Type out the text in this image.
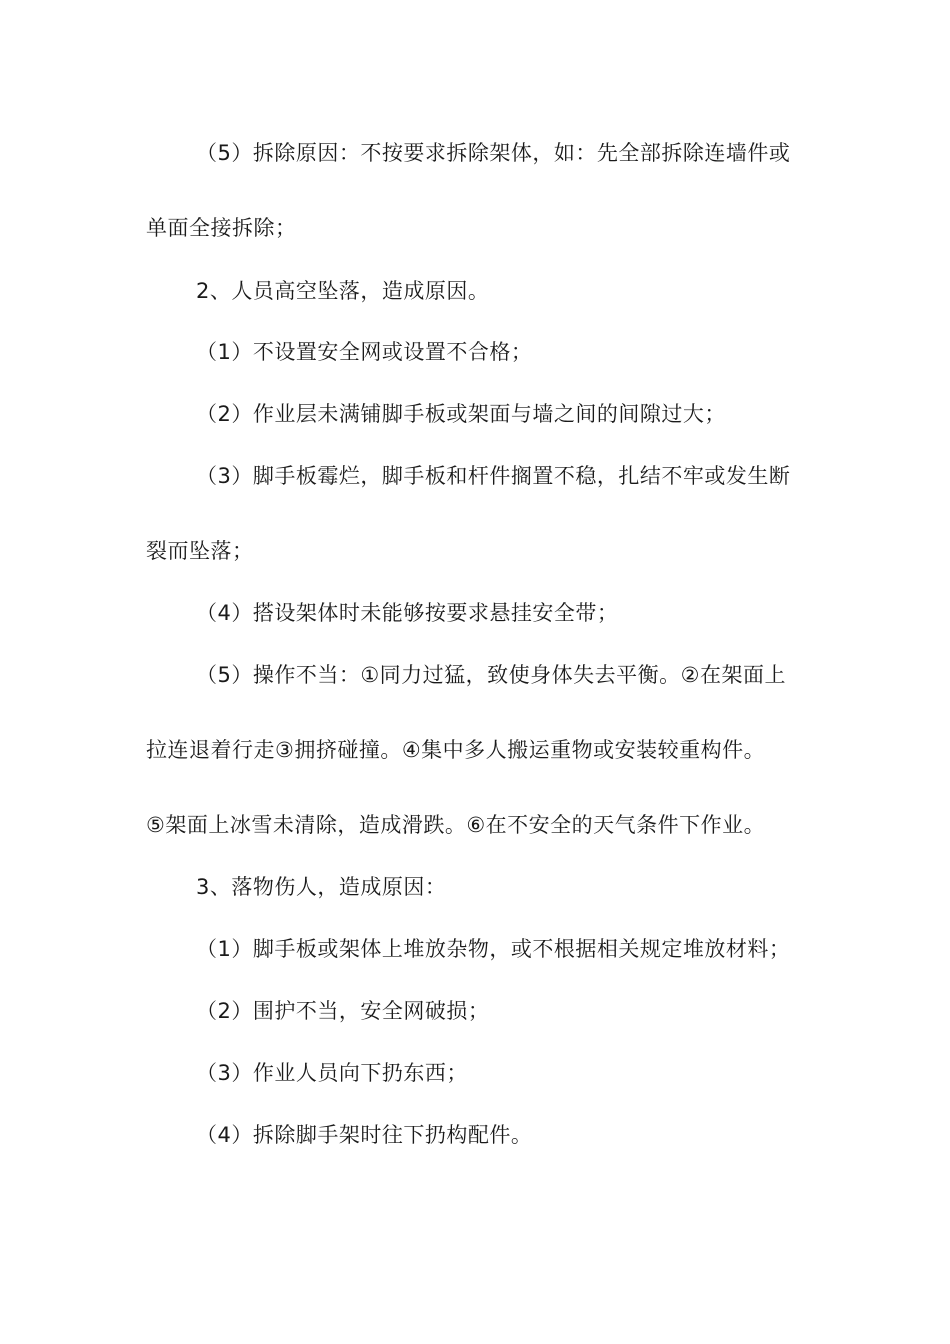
（5）拆除原因：不按要求拆除架体，如：先全部拆除连墙件或
单面全接拆除；
2、人员高空坠落，造成原因。
（1）不设置安全网或设置不合格；
（2）作业层未满铺脚手板或架面与墙之间的间隙过大；
（3）脚手板霉烂，脚手板和杆件搁置不稳，扎结不牢或发生断
裂而坠落；
（4）搭设架体时未能够按要求悬挂安全带；
（5）操作不当：①同力过猛，致使身体失去平衡。②在架面上
拉连退着行走③拥挤碰撞。④集中多人搬运重物或安装较重构件。
⑤架面上冰雪未清除，造成滑跌。⑥在不安全的天气条件下作业。
3、落物伤人，造成原因：
（1）脚手板或架体上堆放杂物，或不根据相关规定堆放材料；
（2）围护不当，安全网破损；
（3）作业人员向下扔东西；
（4）拆除脚手架时往下扔构配件。
